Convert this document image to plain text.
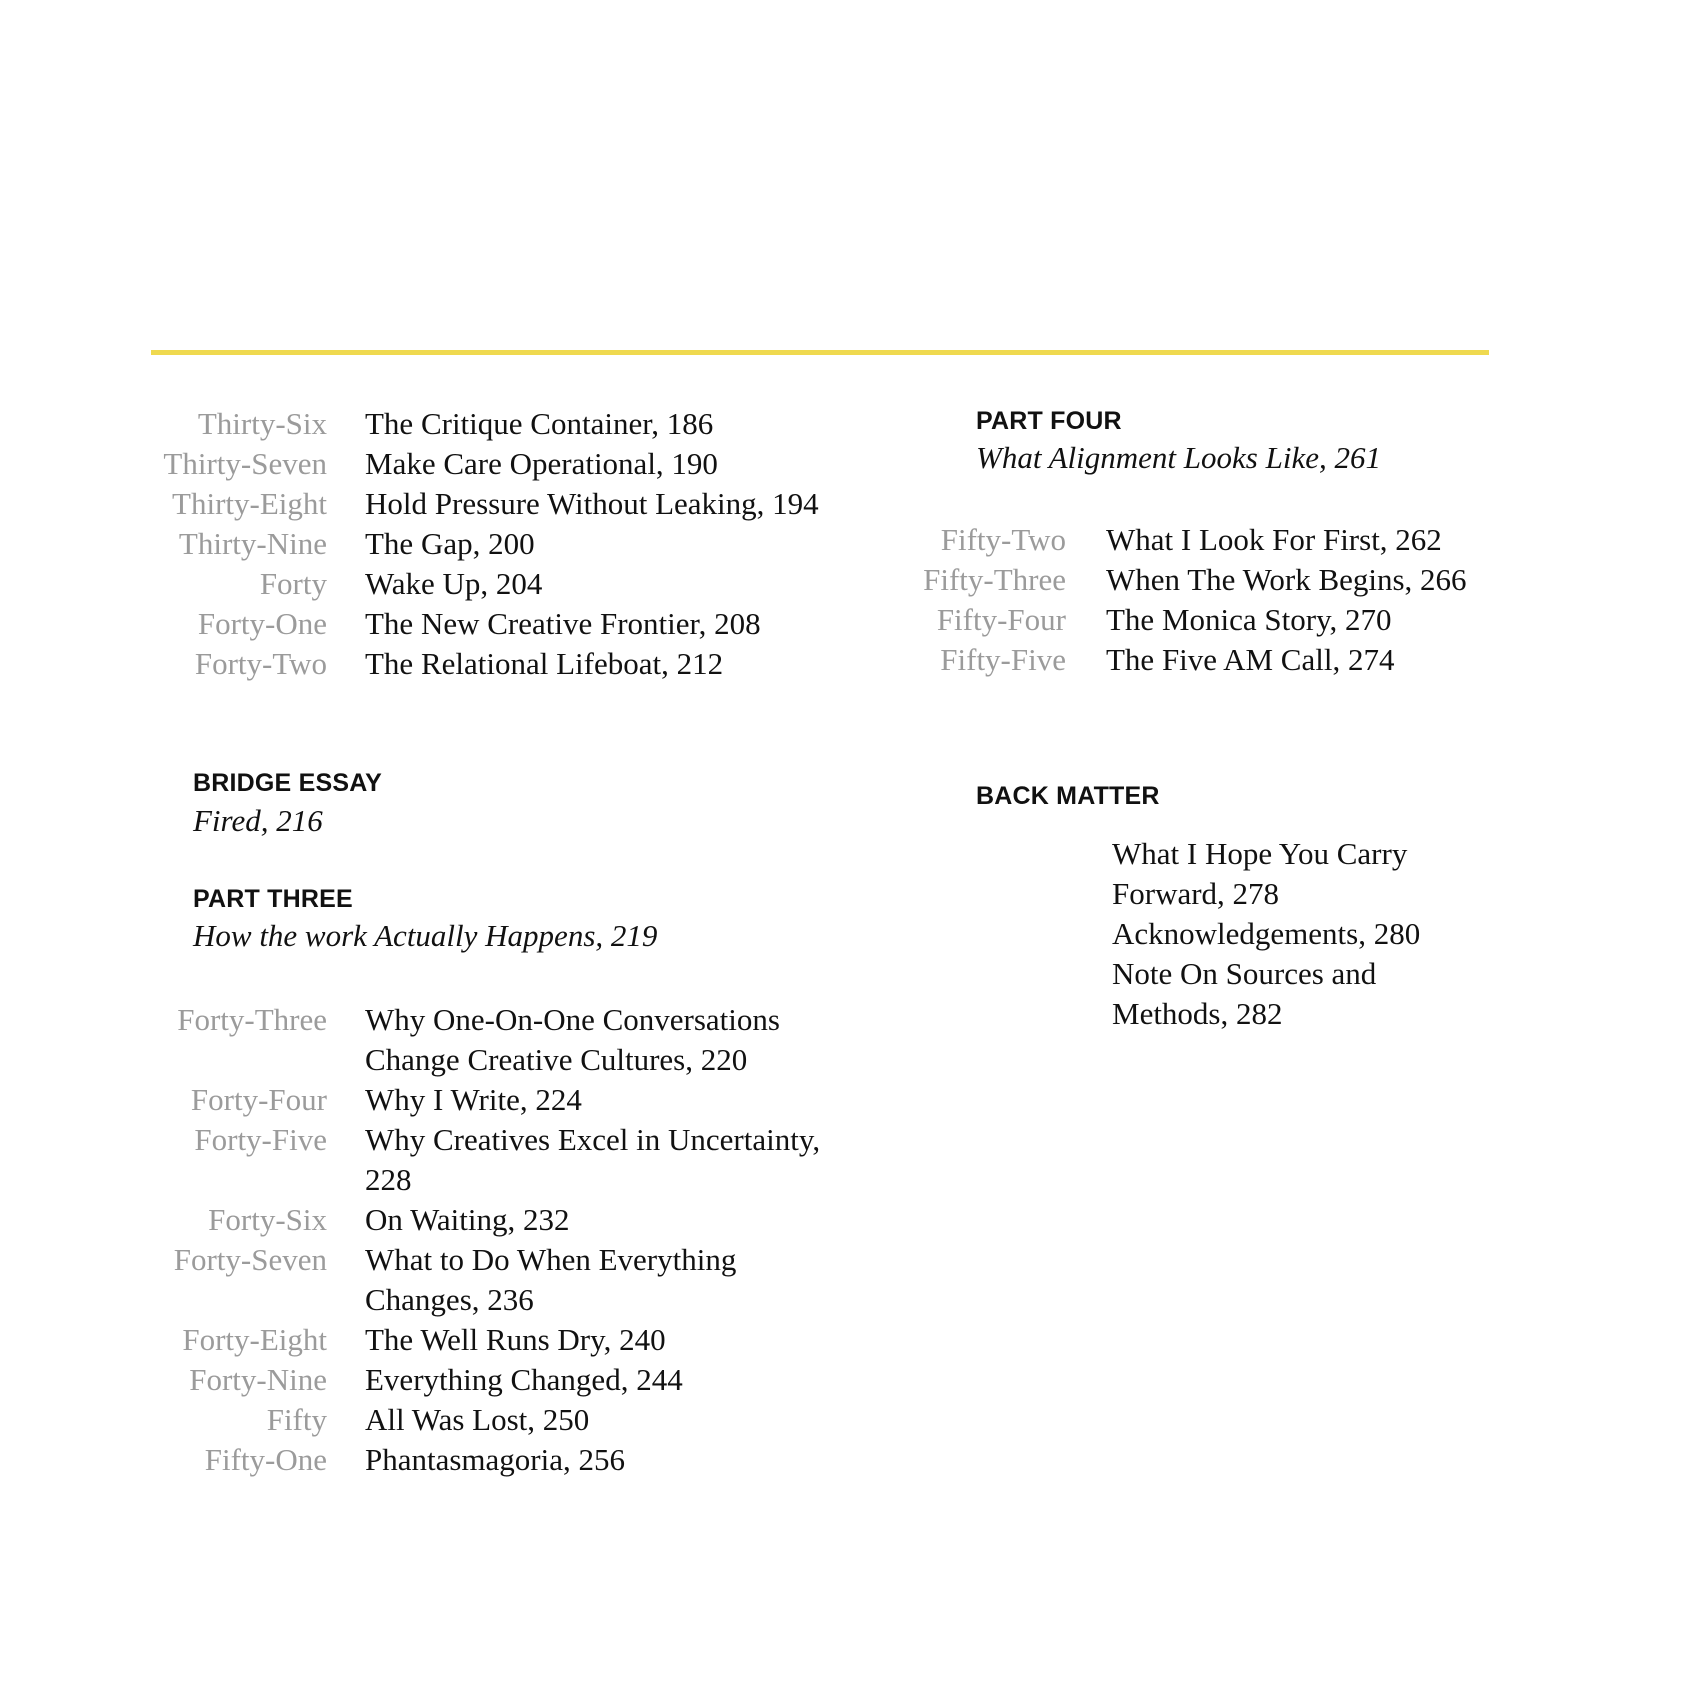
Thirty-Six The Critique Container, 186
Thirty-Seven Make Care Operational, 190
Thirty-Eight Hold Pressure Without Leaking, 194
Thirty-Nine The Gap, 200
Forty Wake Up, 204
Forty-One The New Creative Frontier, 208
Forty-Two The Relational Lifeboat, 212
BRIDGE ESSAY
Fired, 216
PART THREE
How the work Actually Happens, 219
Forty-Three Why One-On-One Conversations Change Creative Cultures, 220
Forty-Four Why I Write, 224
Forty-Five Why Creatives Excel in Uncertainty, 228
Forty-Six On Waiting, 232
Forty-Seven What to Do When Everything Changes, 236
Forty-Eight The Well Runs Dry, 240
Forty-Nine Everything Changed, 244
Fifty All Was Lost, 250
Fifty-One Phantasmagoria, 256
PART FOUR
What Alignment Looks Like, 261
Fifty-Two What I Look For First, 262
Fifty-Three When The Work Begins, 266
Fifty-Four The Monica Story, 270
Fifty-Five The Five AM Call, 274
BACK MATTER
What I Hope You Carry Forward, 278
Acknowledgements, 280
Note On Sources and Methods, 282
